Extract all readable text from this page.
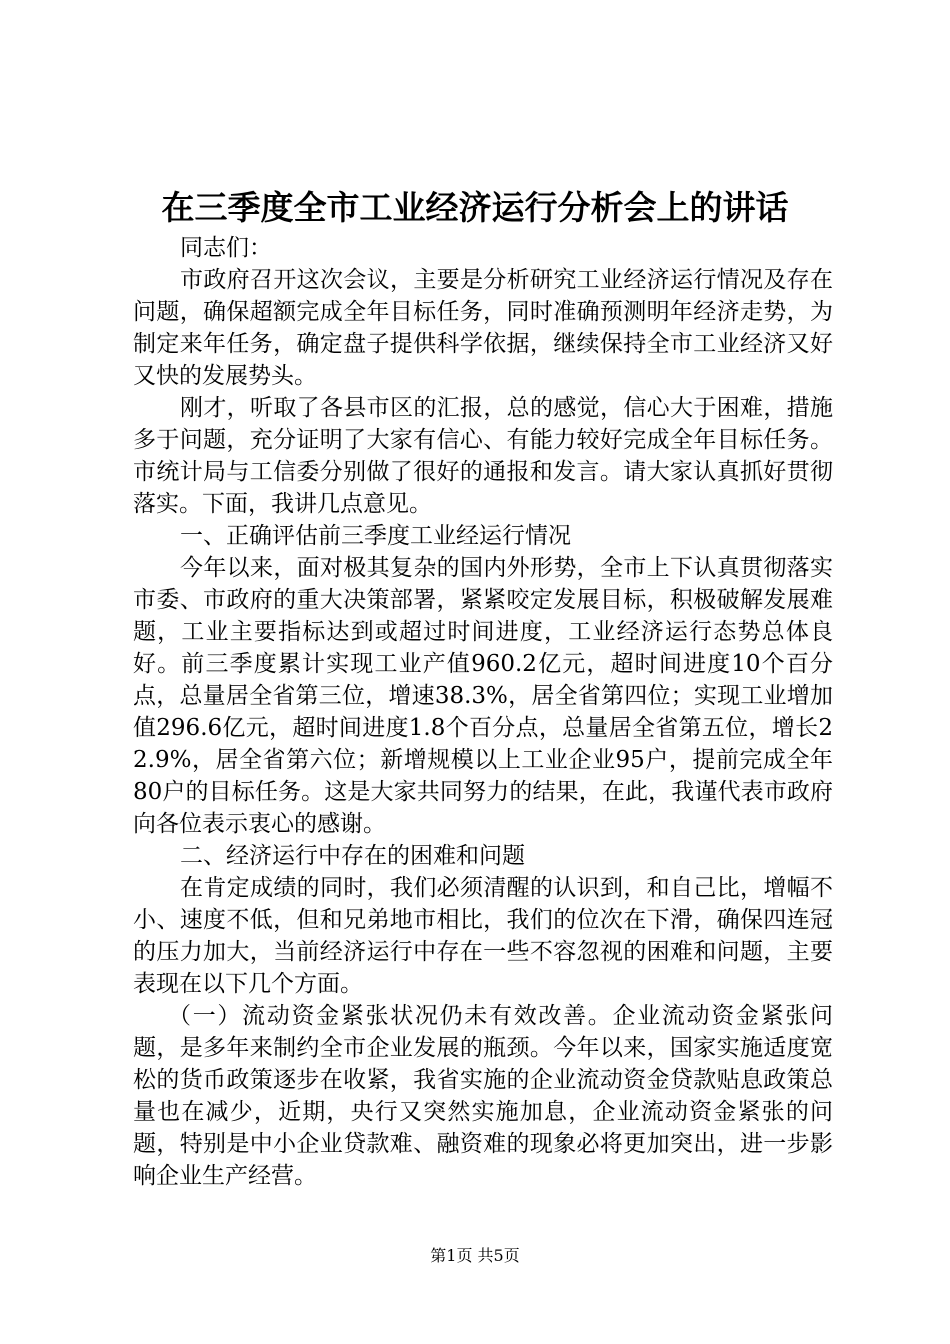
在三季度全市工业经济运行分析会上的讲话

同志们：

市政府召开这次会议，主要是分析研究工业经济运行情况及存在问题，确保超额完成全年目标任务，同时准确预测明年经济走势，为制定来年任务，确定盘子提供科学依据，继续保持全市工业经济又好又快的发展势头。

刚才，听取了各县市区的汇报，总的感觉，信心大于困难，措施多于问题，充分证明了大家有信心、有能力较好完成全年目标任务。市统计局与工信委分别做了很好的通报和发言。请大家认真抓好贯彻落实。下面，我讲几点意见。

一、正确评估前三季度工业经运行情况

今年以来，面对极其复杂的国内外形势，全市上下认真贯彻落实市委、市政府的重大决策部署，紧紧咬定发展目标，积极破解发展难题，工业主要指标达到或超过时间进度，工业经济运行态势总体良好。前三季度累计实现工业产值960.2亿元，超时间进度10个百分点，总量居全省第三位，增速38.3%，居全省第四位；实现工业增加值296.6亿元，超时间进度1.8个百分点，总量居全省第五位，增长22.9%，居全省第六位；新增规模以上工业企业95户，提前完成全年80户的目标任务。这是大家共同努力的结果，在此，我谨代表市政府向各位表示衷心的感谢。

二、经济运行中存在的困难和问题

在肯定成绩的同时，我们必须清醒的认识到，和自己比，增幅不小、速度不低，但和兄弟地市相比，我们的位次在下滑，确保四连冠的压力加大，当前经济运行中存在一些不容忽视的困难和问题，主要表现在以下几个方面。

（一）流动资金紧张状况仍未有效改善。企业流动资金紧张问题，是多年来制约全市企业发展的瓶颈。今年以来，国家实施适度宽松的货币政策逐步在收紧，我省实施的企业流动资金贷款贴息政策总量也在减少，近期，央行又突然实施加息，企业流动资金紧张的问题，特别是中小企业贷款难、融资难的现象必将更加突出，进一步影响企业生产经营。

第1页 共5页
